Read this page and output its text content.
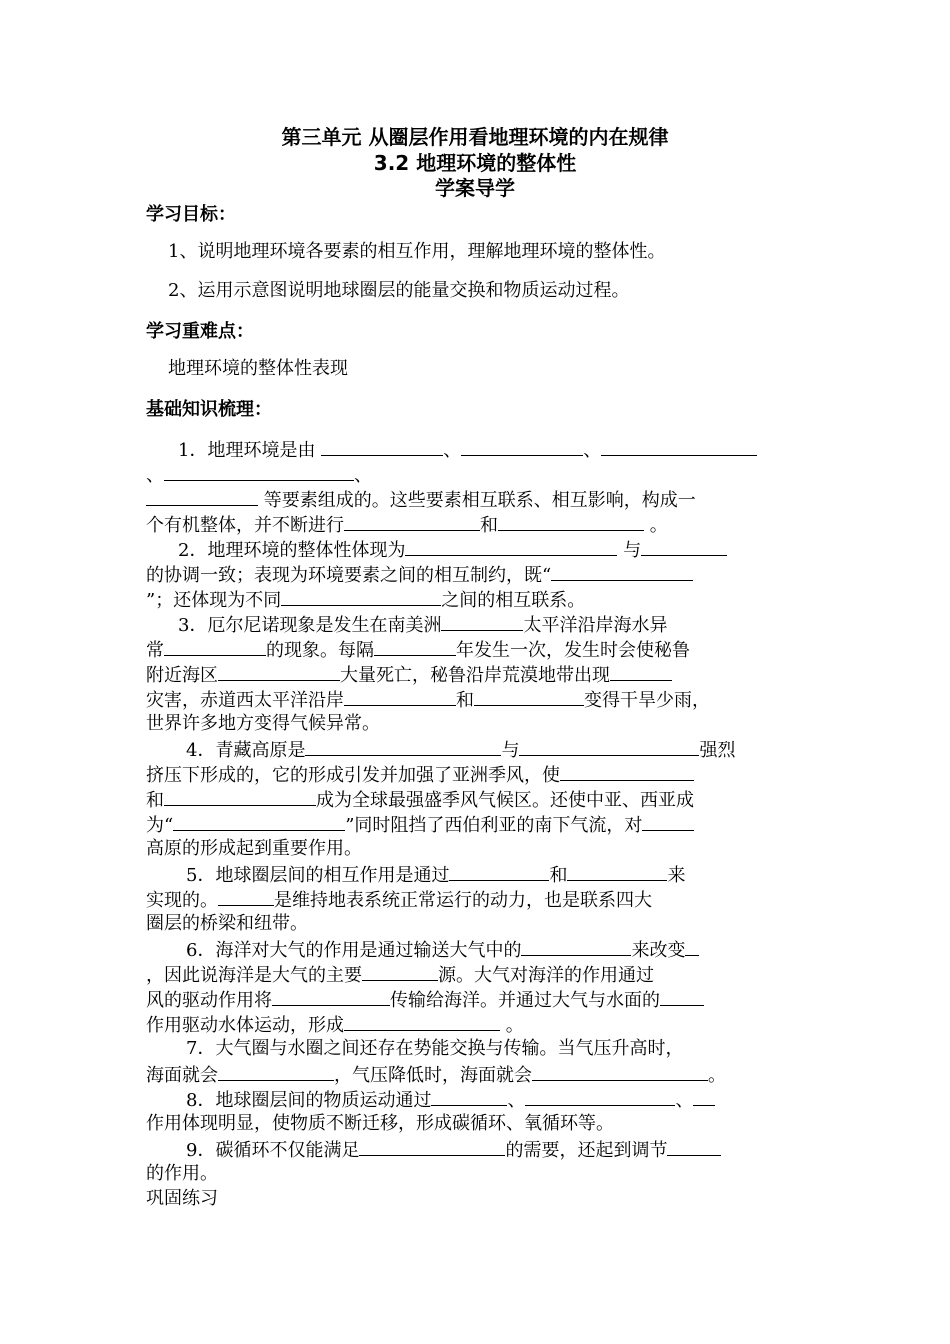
第三单元 从圈层作用看地理环境的内在规律
3.2 地理环境的整体性
学案导学
学习目标：
1、说明地理环境各要素的相互作用，理解地理环境的整体性。
2、运用示意图说明地球圈层的能量交换和物质运动过程。
学习重难点：
地理环境的整体性表现
基础知识梳理：
1．地理环境是由	、	、
、	、
等要素组成的。这些要素相互联系、相互影响，构成一
个有机整体，并不断进行	和	。
2．地理环境的整体性体现为	与
的协调一致；表现为环境要素之间的相互制约，既“
”；还体现为不同	之间的相互联系。
3．厄尔尼诺现象是发生在南美洲	太平洋沿岸海水异
常	的现象。每隔	年发生一次，发生时会使秘鲁
附近海区	大量死亡，秘鲁沿岸荒漠地带出现
灾害，赤道西太平洋沿岸	和	变得干旱少雨，
世界许多地方变得气候异常。
4．青藏高原是	与	强烈
挤压下形成的，它的形成引发并加强了亚洲季风，使
和	成为全球最强盛季风气候区。还使中亚、西亚成
为“	”同时阻挡了西伯利亚的南下气流，对
高原的形成起到重要作用。
5．地球圈层间的相互作用是通过	和	来
实现的。	是维持地表系统正常运行的动力，也是联系四大
圈层的桥梁和纽带。
6．海洋对大气的作用是通过输送大气中的	来改变
，因此说海洋是大气的主要	源。大气对海洋的作用通过
风的驱动作用将	传输给海洋。并通过大气与水面的
作用驱动水体运动，形成	。
7．大气圈与水圈之间还存在势能交换与传输。当气压升高时，
海面就会	，气压降低时，海面就会	。
8．地球圈层间的物质运动通过	、	、
作用体现明显，使物质不断迁移，形成碳循环、氧循环等。
9．碳循环不仅能满足	的需要，还起到调节
的作用。
巩固练习
